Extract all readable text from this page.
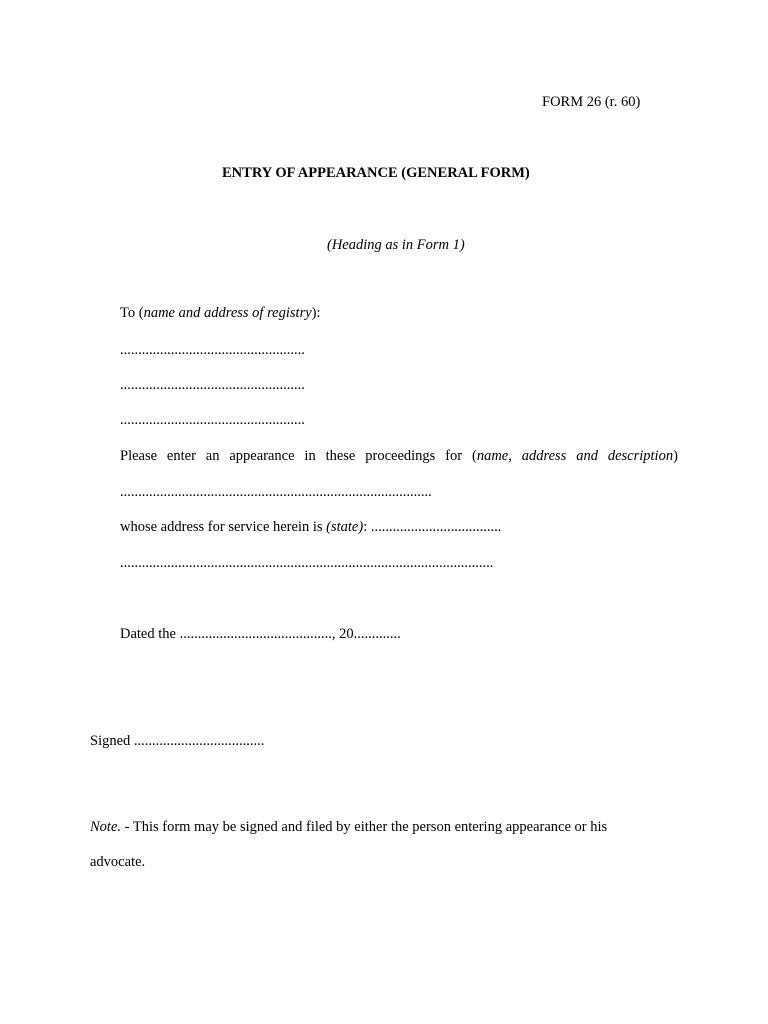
FORM 26 (r. 60)
ENTRY OF APPEARANCE (GENERAL FORM)
(Heading as in Form 1)
To (name and address of registry):
...................................................
...................................................
...................................................
Please enter an appearance in these proceedings for (name, address and description)
......................................................................................
whose address for service herein is (state): ....................................
.......................................................................................................
Dated the .........................................., 20.............
Signed ....................................
Note. - This form may be signed and filed by either the person entering appearance or his
advocate.
